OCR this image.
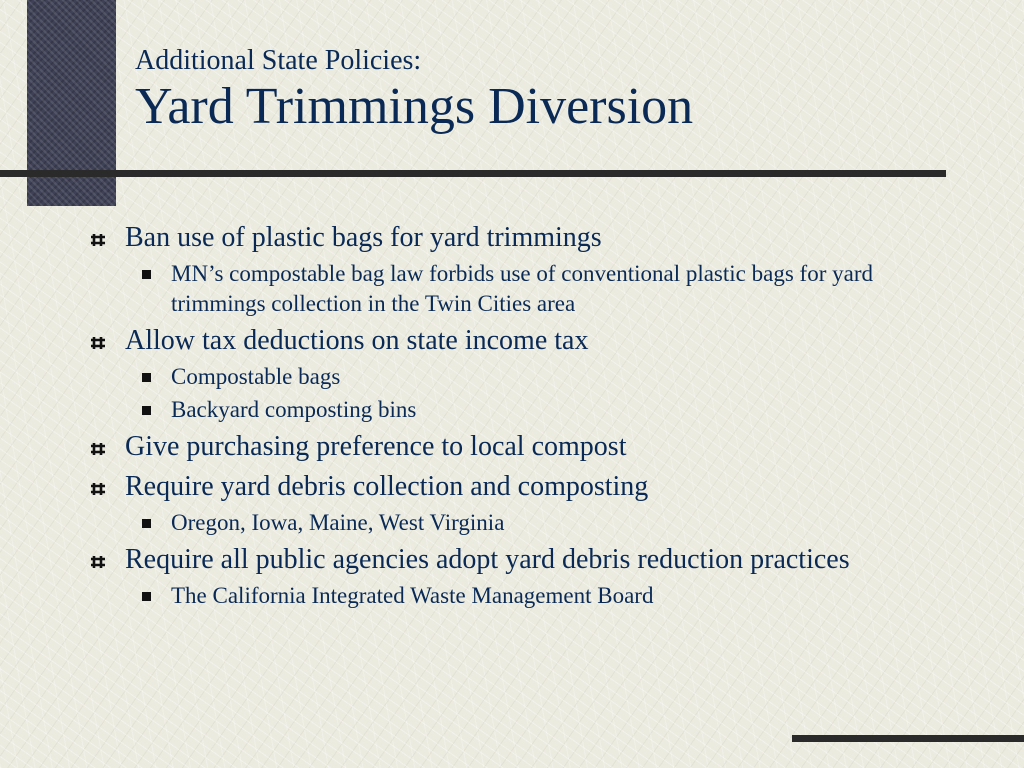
Additional State Policies:
Yard Trimmings Diversion
Ban use of plastic bags for yard trimmings
MN’s compostable bag law forbids use of conventional plastic bags for yard trimmings collection in the Twin Cities area
Allow tax deductions on state income tax
Compostable bags
Backyard composting bins
Give purchasing preference to local compost
Require yard debris collection and composting
Oregon, Iowa, Maine, West Virginia
Require all public agencies adopt yard debris reduction practices
The California Integrated Waste Management Board
